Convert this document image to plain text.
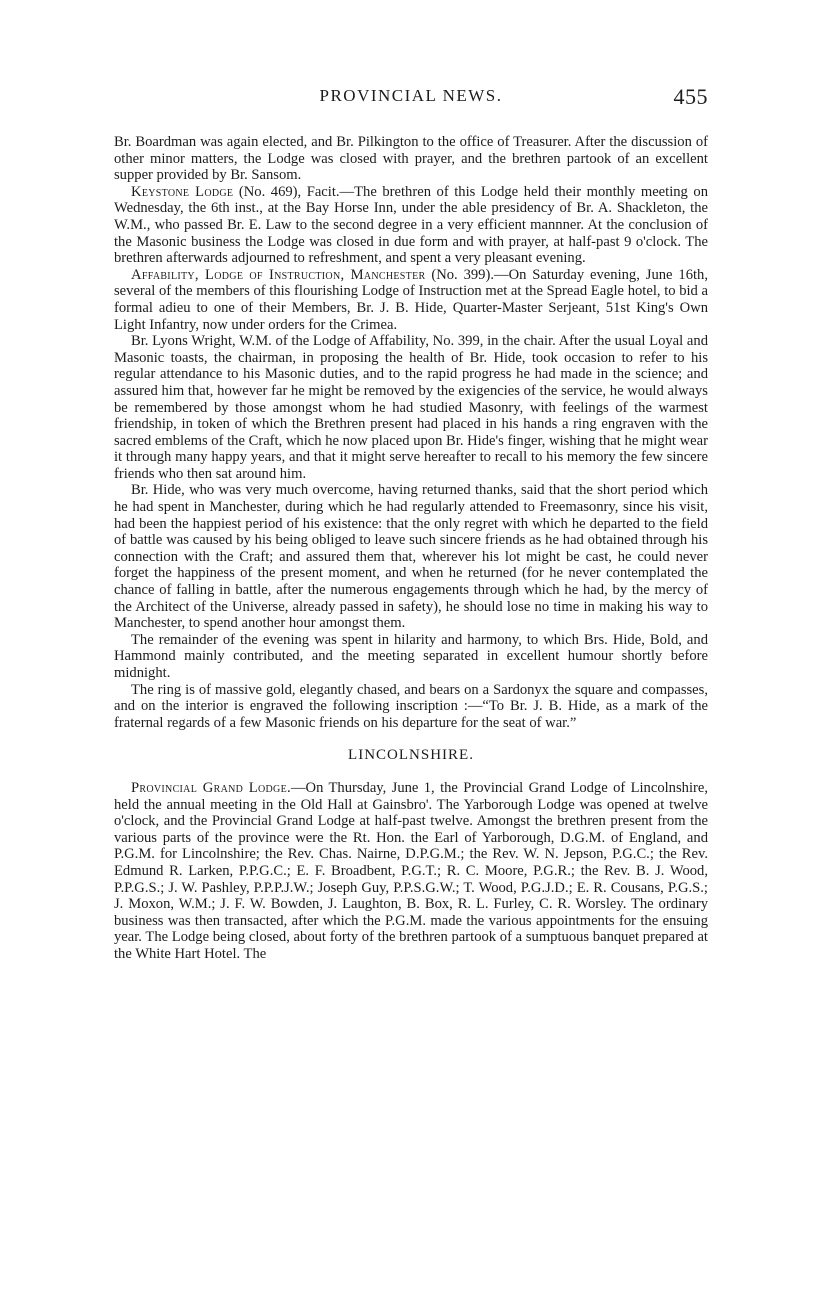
PROVINCIAL NEWS.	455

Br. Boardman was again elected, and Br. Pilkington to the office of Treasurer. After the discussion of other minor matters, the Lodge was closed with prayer, and the brethren partook of an excellent supper provided by Br. Sansom.

Keystone Lodge (No. 469), Facit.—The brethren of this Lodge held their monthly meeting on Wednesday, the 6th inst., at the Bay Horse Inn, under the able presidency of Br. A. Shackleton, the W.M., who passed Br. E. Law to the second degree in a very efficient mannner. At the conclusion of the Masonic business the Lodge was closed in due form and with prayer, at half-past 9 o'clock. The brethren afterwards adjourned to refreshment, and spent a very pleasant evening.

Affability, Lodge of Instruction, Manchester (No. 399).—On Saturday evening, June 16th, several of the members of this flourishing Lodge of Instruction met at the Spread Eagle hotel, to bid a formal adieu to one of their Members, Br. J. B. Hide, Quarter-Master Serjeant, 51st King's Own Light Infantry, now under orders for the Crimea.

Br. Lyons Wright, W.M. of the Lodge of Affability, No. 399, in the chair. After the usual Loyal and Masonic toasts, the chairman, in proposing the health of Br. Hide, took occasion to refer to his regular attendance to his Masonic duties, and to the rapid progress he had made in the science; and assured him that, however far he might be removed by the exigencies of the service, he would always be remembered by those amongst whom he had studied Masonry, with feelings of the warmest friendship, in token of which the Brethren present had placed in his hands a ring engraven with the sacred emblems of the Craft, which he now placed upon Br. Hide's finger, wishing that he might wear it through many happy years, and that it might serve hereafter to recall to his memory the few sincere friends who then sat around him.

Br. Hide, who was very much overcome, having returned thanks, said that the short period which he had spent in Manchester, during which he had regularly attended to Freemasonry, since his visit, had been the happiest period of his existence: that the only regret with which he departed to the field of battle was caused by his being obliged to leave such sincere friends as he had obtained through his connection with the Craft; and assured them that, wherever his lot might be cast, he could never forget the happiness of the present moment, and when he returned (for he never contemplated the chance of falling in battle, after the numerous engagements through which he had, by the mercy of the Architect of the Universe, already passed in safety), he should lose no time in making his way to Manchester, to spend another hour amongst them.

The remainder of the evening was spent in hilarity and harmony, to which Brs. Hide, Bold, and Hammond mainly contributed, and the meeting separated in excellent humour shortly before midnight.

The ring is of massive gold, elegantly chased, and bears on a Sardonyx the square and compasses, and on the interior is engraved the following inscription :—“To Br. J. B. Hide, as a mark of the fraternal regards of a few Masonic friends on his departure for the seat of war.”

LINCOLNSHIRE.

Provincial Grand Lodge.—On Thursday, June 1, the Provincial Grand Lodge of Lincolnshire, held the annual meeting in the Old Hall at Gainsbro'. The Yarborough Lodge was opened at twelve o'clock, and the Provincial Grand Lodge at half-past twelve. Amongst the brethren present from the various parts of the province were the Rt. Hon. the Earl of Yarborough, D.G.M. of England, and P.G.M. for Lincolnshire; the Rev. Chas. Nairne, D.P.G.M.; the Rev. W. N. Jepson, P.G.C.; the Rev. Edmund R. Larken, P.P.G.C.; E. F. Broadbent, P.G.T.; R. C. Moore, P.G.R.; the Rev. B. J. Wood, P.P.G.S.; J. W. Pashley, P.P.P.J.W.; Joseph Guy, P.P.S.G.W.; T. Wood, P.G.J.D.; E. R. Cousans, P.G.S.; J. Moxon, W.M.; J. F. W. Bowden, J. Laughton, B. Box, R. L. Furley, C. R. Worsley. The ordinary business was then transacted, after which the P.G.M. made the various appointments for the ensuing year. The Lodge being closed, about forty of the brethren partook of a sumptuous banquet prepared at the White Hart Hotel. The
